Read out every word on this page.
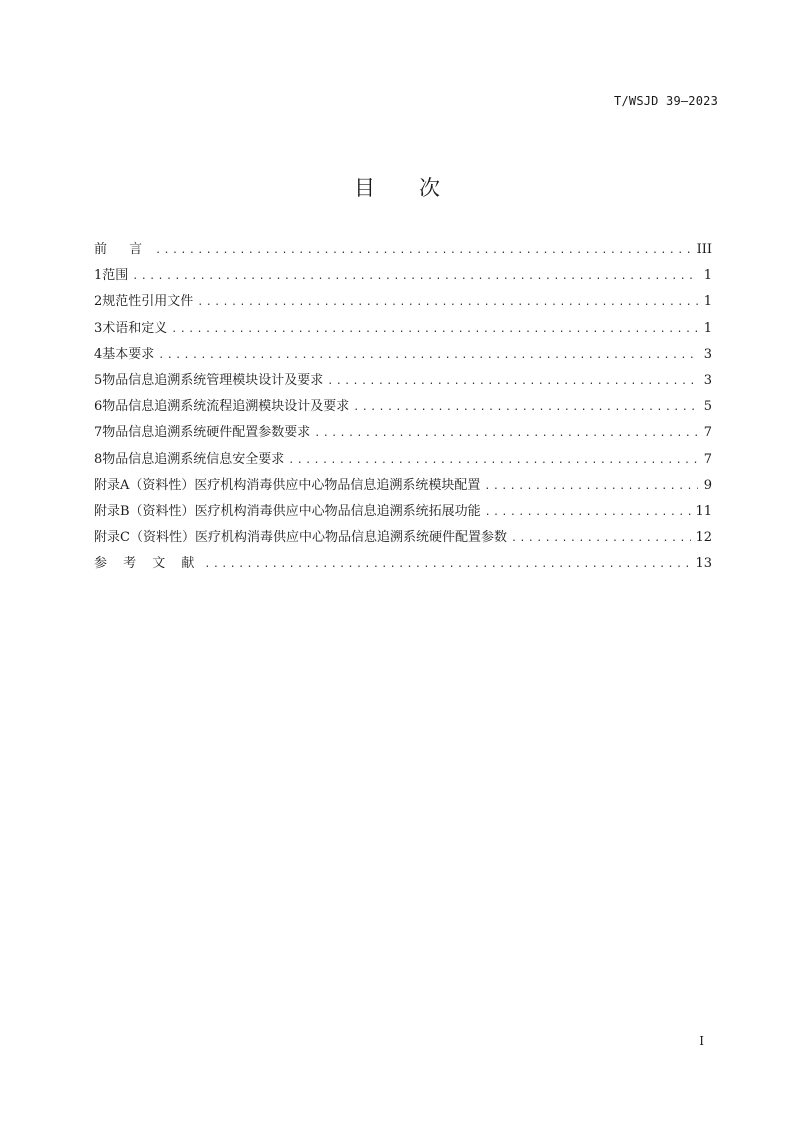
T/WSJD 39—2023
目 次
前 言 .....	III
1 范围 .....	1
2 规范性引用文件 .....	1
3 术语和定义 .....	1
4 基本要求 .....	3
5 物品信息追溯系统管理模块设计及要求 .....	3
6 物品信息追溯系统流程追溯模块设计及要求 .....	5
7 物品信息追溯系统硬件配置参数要求 .....	7
8 物品信息追溯系统信息安全要求 .....	7
附录A（资料性） 医疗机构消毒供应中心物品信息追溯系统模块配置 .....	9
附录B（资料性） 医疗机构消毒供应中心物品信息追溯系统拓展功能 .....	11
附录C（资料性） 医疗机构消毒供应中心物品信息追溯系统硬件配置参数 .....	12
参 考 文 献 .....	13
I
